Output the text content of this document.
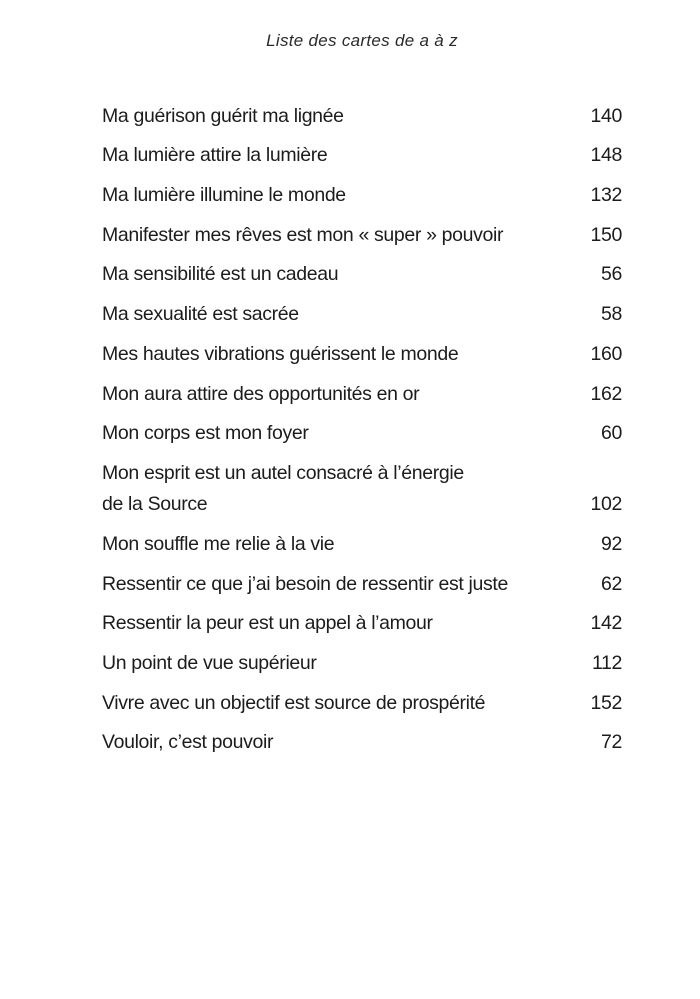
Liste des cartes de a à z
Ma guérison guérit ma lignée	140
Ma lumière attire la lumière	148
Ma lumière illumine le monde	132
Manifester mes rêves est mon « super » pouvoir	150
Ma sensibilité est un cadeau	56
Ma sexualité est sacrée	58
Mes hautes vibrations guérissent le monde	160
Mon aura attire des opportunités en or	162
Mon corps est mon foyer	60
Mon esprit est un autel consacré à l’énergie
de la Source	102
Mon souffle me relie à la vie	92
Ressentir ce que j’ai besoin de ressentir est juste	62
Ressentir la peur est un appel à l’amour	142
Un point de vue supérieur	112
Vivre avec un objectif est source de prospérité	152
Vouloir, c’est pouvoir	72
